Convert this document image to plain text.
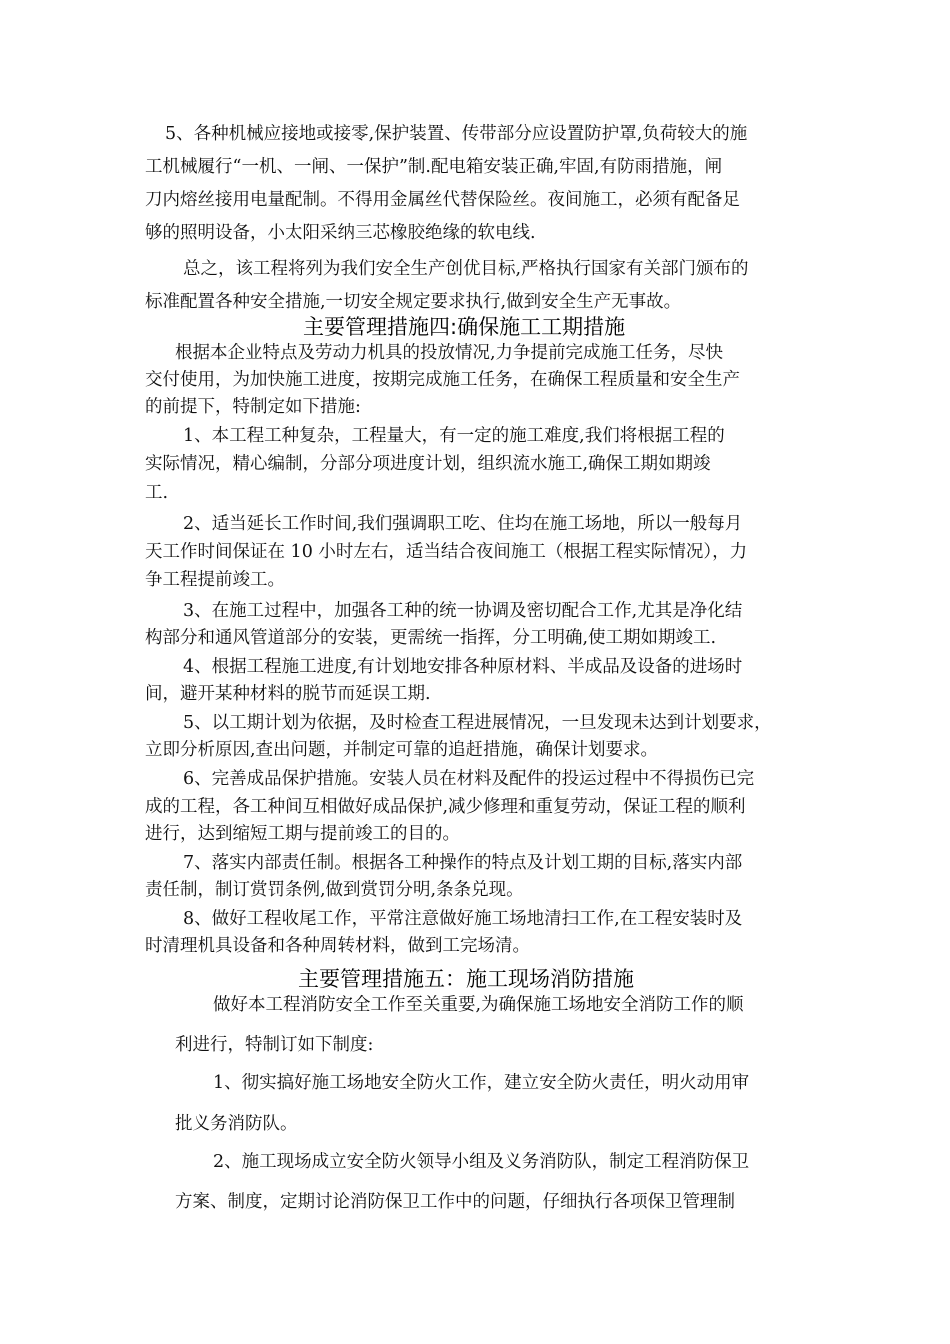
5、各种机械应接地或接零,保护装置、传带部分应设置防护罩,负荷较大的施
工机械履行“一机、一闸、一保护”制.配电箱安装正确,牢固,有防雨措施，闸
刀内熔丝接用电量配制。不得用金属丝代替保险丝。夜间施工，必须有配备足
够的照明设备，小太阳采纳三芯橡胶绝缘的软电线.
总之，该工程将列为我们安全生产创优目标,严格执行国家有关部门颁布的
标准配置各种安全措施,一切安全规定要求执行,做到安全生产无事故。
主要管理措施四:确保施工工期措施
根据本企业特点及劳动力机具的投放情况,力争提前完成施工任务，尽快
交付使用，为加快施工进度，按期完成施工任务，在确保工程质量和安全生产
的前提下，特制定如下措施:
1、本工程工种复杂，工程量大，有一定的施工难度,我们将根据工程的
实际情况，精心编制，分部分项进度计划，组织流水施工,确保工期如期竣
工.
2、适当延长工作时间,我们强调职工吃、住均在施工场地，所以一般每月
天工作时间保证在 10 小时左右，适当结合夜间施工（根据工程实际情况），力
争工程提前竣工。
3、在施工过程中，加强各工种的统一协调及密切配合工作,尤其是净化结
构部分和通风管道部分的安装，更需统一指挥，分工明确,使工期如期竣工.
4、根据工程施工进度,有计划地安排各种原材料、半成品及设备的进场时
间，避开某种材料的脱节而延误工期.
5、以工期计划为依据，及时检查工程进展情况，一旦发现未达到计划要求，
立即分析原因,查出问题，并制定可靠的追赶措施，确保计划要求。
6、完善成品保护措施。安装人员在材料及配件的投运过程中不得损伤已完
成的工程，各工种间互相做好成品保护,减少修理和重复劳动，保证工程的顺利
进行，达到缩短工期与提前竣工的目的。
7、落实内部责任制。根据各工种操作的特点及计划工期的目标,落实内部
责任制，制订赏罚条例,做到赏罚分明,条条兑现。
8、做好工程收尾工作，平常注意做好施工场地清扫工作,在工程安装时及
时清理机具设备和各种周转材料，做到工完场清。
主要管理措施五：施工现场消防措施
做好本工程消防安全工作至关重要,为确保施工场地安全消防工作的顺
利进行，特制订如下制度:
1、彻实搞好施工场地安全防火工作，建立安全防火责任，明火动用审
批义务消防队。
2、施工现场成立安全防火领导小组及义务消防队，制定工程消防保卫
方案、制度，定期讨论消防保卫工作中的问题，仔细执行各项保卫管理制
